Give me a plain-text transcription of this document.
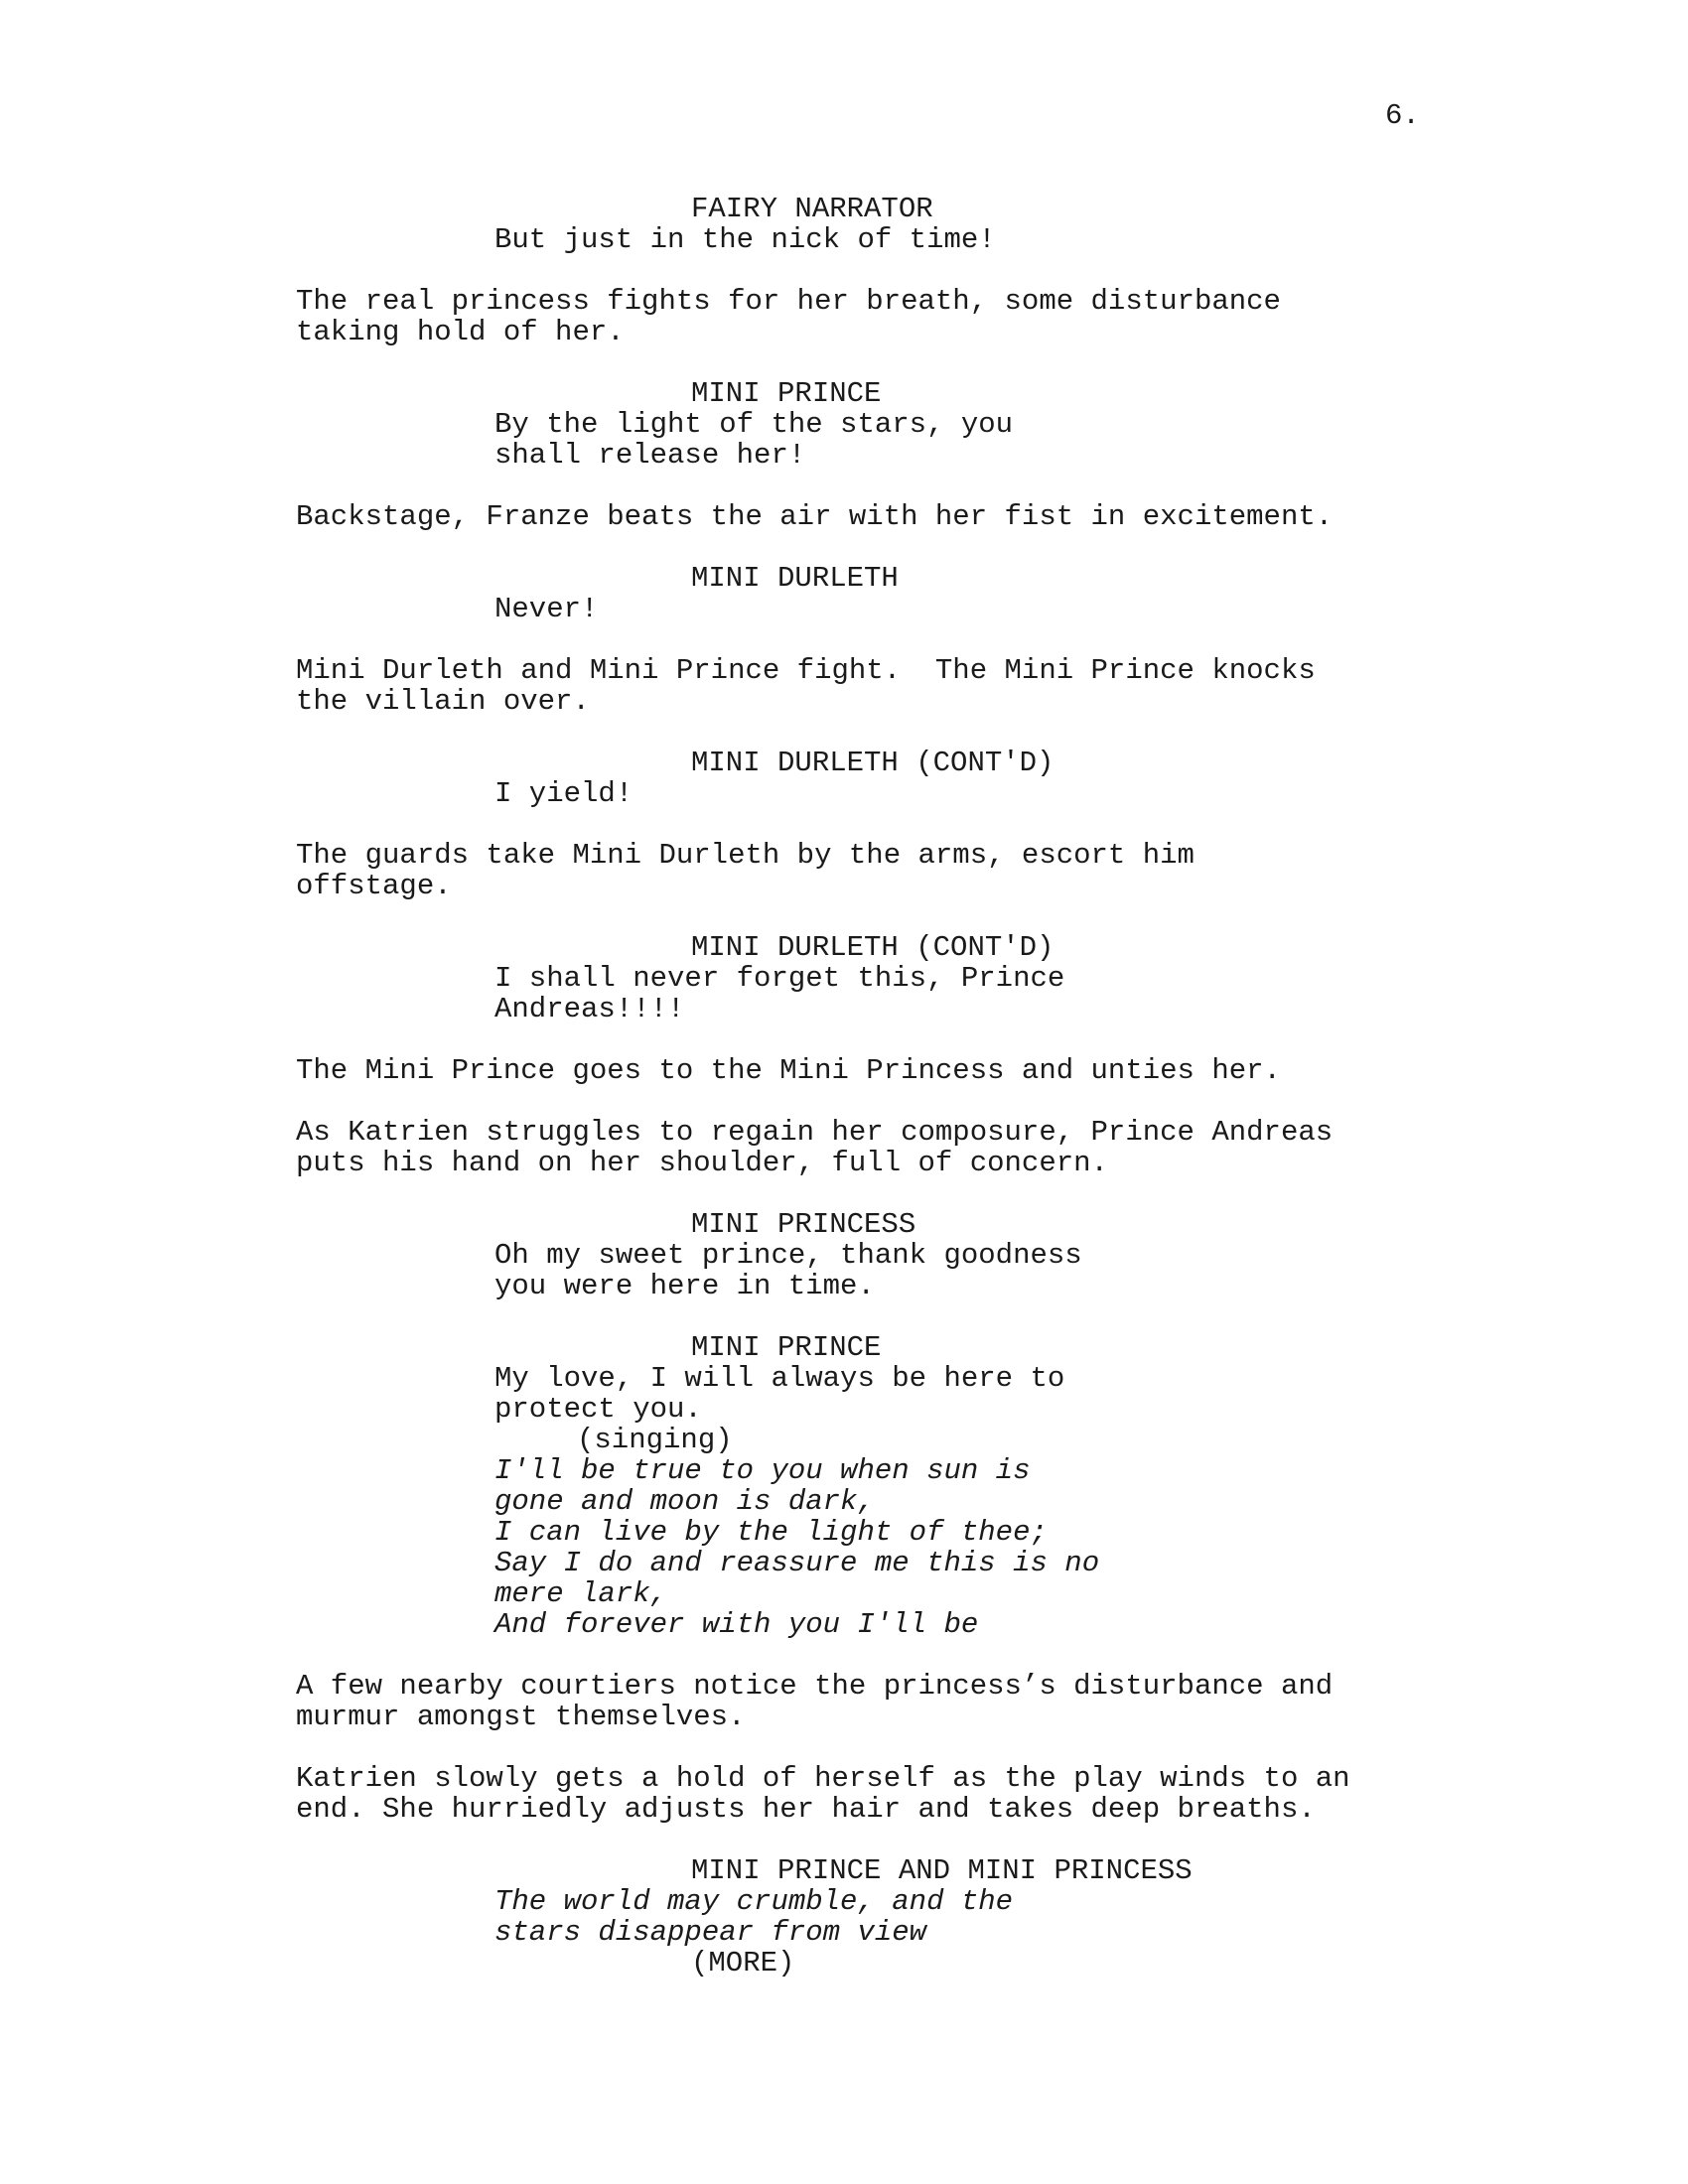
6.
FAIRY NARRATOR
But just in the nick of time!
The real princess fights for her breath, some disturbance
taking hold of her.
MINI PRINCE
By the light of the stars, you
shall release her!
Backstage, Franze beats the air with her fist in excitement.
MINI DURLETH
Never!
Mini Durleth and Mini Prince fight.  The Mini Prince knocks
the villain over.
MINI DURLETH (CONT'D)
I yield!
The guards take Mini Durleth by the arms, escort him
offstage.
MINI DURLETH (CONT'D)
I shall never forget this, Prince
Andreas!!!!
The Mini Prince goes to the Mini Princess and unties her.
As Katrien struggles to regain her composure, Prince Andreas
puts his hand on her shoulder, full of concern.
MINI PRINCESS
Oh my sweet prince, thank goodness
you were here in time.
MINI PRINCE
My love, I will always be here to
protect you.
(singing)
I'll be true to you when sun is
gone and moon is dark,
I can live by the light of thee;
Say I do and reassure me this is no
mere lark,
And forever with you I'll be
A few nearby courtiers notice the princess’s disturbance and
murmur amongst themselves.
Katrien slowly gets a hold of herself as the play winds to an
end. She hurriedly adjusts her hair and takes deep breaths.
MINI PRINCE AND MINI PRINCESS
The world may crumble, and the
stars disappear from view
(MORE)
